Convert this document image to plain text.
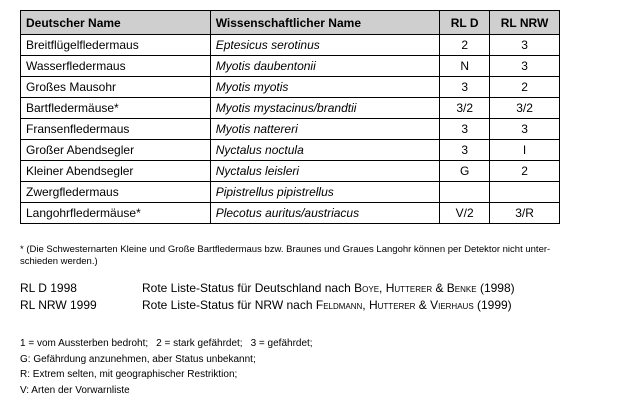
Deutscher Name	Wissenschaftlicher Name	RL D	RL NRW
Breitflügelfledermaus	Eptesicus serotinus	2	3
Wasserfledermaus	Myotis daubentonii	N	3
Großes Mausohr	Myotis myotis	3	2
Bartfledermäuse*	Myotis mystacinus/brandtii	3/2	3/2
Fransenfledermaus	Myotis nattereri	3	3
Großer Abendsegler	Nyctalus noctula	3	I
Kleiner Abendsegler	Nyctalus leisleri	G	2
Zwergfledermaus	Pipistrellus pipistrellus		
Langohrfledermäuse*	Plecotus auritus/austriacus	V/2	3/R
* (Die Schwesternarten Kleine und Große Bartfledermaus bzw. Braunes und Graues Langohr können per Detektor nicht unter-
schieden werden.)
RL D 1998	Rote Liste-Status für Deutschland nach Boye, Hutterer & Benke (1998)
RL NRW 1999	Rote Liste-Status für NRW nach Feldmann, Hutterer & Vierhaus (1999)
1 = vom Aussterben bedroht; 2 = stark gefährdet; 3 = gefährdet;
G: Gefährdung anzunehmen, aber Status unbekannt;
R: Extrem selten, mit geographischer Restriktion;
V: Arten der Vorwarnliste
